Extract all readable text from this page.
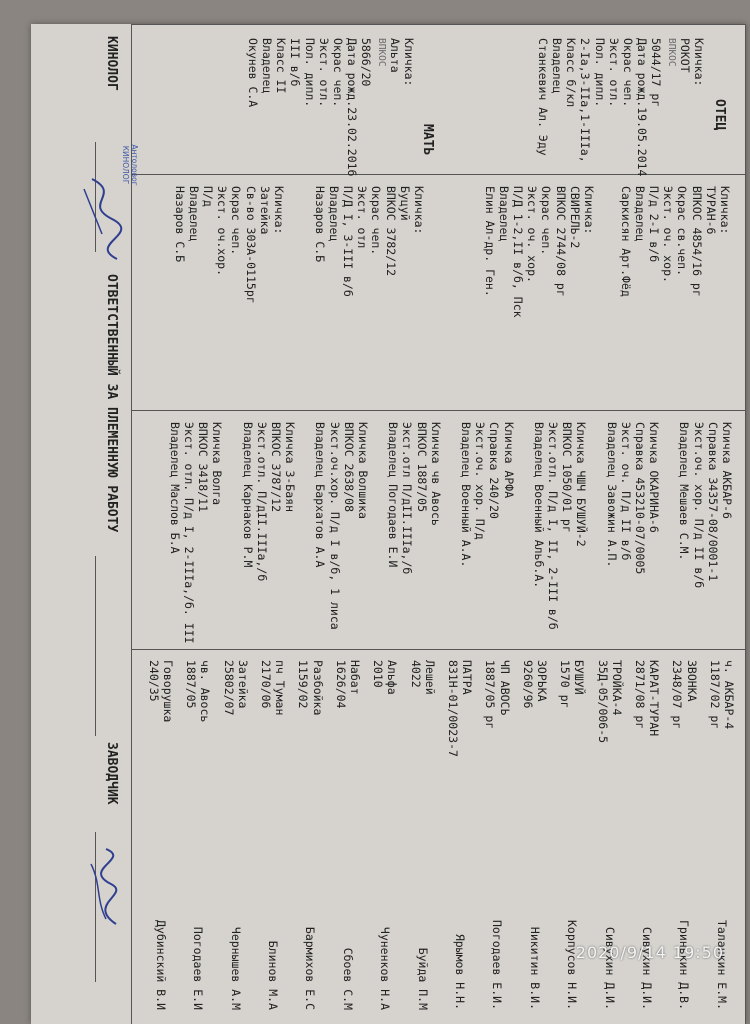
ОТЕЦ
Кличка:
РОКОТ
ВПКОС
5044/17 рг
Дата рожд.19.05.2014
Окрас чеп.
Экст. отл.
Пол. дипл.
2-Iа,3-IIа,1-IIIа,
Класс б/кл
Владелец
Станкевич Ал. Эду
МАТЬ
Кличка:
Альта
ВПКОС
5866/20
Дата рожд.23.02.2016
Окрас чеп.
Экст. отл.
Пол. дипл.
III в/б
Класс II
Владелец
Окунев С.А
Кличка:
ТУРАН-6
ВПКОС 4854/16 рг
Окрас св.чеп.
Экст. оч. хор.
П/д 2-I в/б
Владелец
Саркисян Арт.Фёд
Кличка:
СВИРЕЛЬ-2
ВПКОС 2744/08 рг
Окрас чеп.
Экст. оч. хор.
П/Д 1-2,II в/б, Пск
Владелец
Елин Ал-др. Ген.
Кличка:
Буцуй
ВПКОС 3782/12
Окрас чеп.
Экст. отл
П/Д I, 3-III в/б
Владелец
Назаров С.Б
Кличка:
Затейка
Св-во 303А-0115рг
Окрас чеп.
Экст. оч.хор.
П/д
Владелец
Назаров С.Б
Кличка АКБАР-6
Справка 34357-08/0001-1
Экст.оч. хор. П/д II в/б
Владелец Мешаев С.М.
Кличка ОКАРИНА-6
Справка 453210-07/0005
Экст. оч. П/д II в/б
Владелец Завожин А.П.
Кличка ЧШЧ БУШУЙ-2
ВПКОС 1050/01 рг
Экст.отл. П/д I, II, 2-III в/б
Владелец Военный Альб.А.
Кличка АРФА
Справка 240/20
Экст.оч. хор. П/д
Владелец Военный А.А.
Кличка чв Авось
ВПКОС 1887/05
Экст.отл П/дII.IIIа,/б
Владелец Погодаев Е.И
Кличка Волшика
ВПКОС 2638/08
Экст.оч.хор. П/д I в/б, 1 лиса
Владелец Бархатов А.А
Кличка З-Баян
ВПКОС 3787/12
Экст.отл. П/дII.IIIа,/б
Владелец Карнаков Р.М
Кличка Волга
ВПКОС 3418/11
Экст. отл. П/д I, 2-IIIа,/б. III
Владелец Маслов Б.А
ч. АКБАР-4
1187/02 рг
Таланкин Е.М.
ЗВОНКА
2348/07 рг
Гринькин Д.В.
КАРАТ-ТУРАН
2871/08 рг
Сивухин Д.И.
ТРОЙКА-4
35Д-05/006-5
Сивухин Д.И.
БУШУЙ
1570 рг
Корпусов Н.И.
ЗОРЬКА
9260/96
Никитин В.И.
ЧП АВОСЬ
1887/05 рг
Погодаев Е.И.
ПАТРА
831Н-01/0023-7
Ярымов Н.Н.
Лешей
4022
Буйда П.М
Альфа
2010
Чуненков Н.А
Набат
1626/04
Сбоев С.М
Разбойка
1159/02
Бармихов Е.С
пч Туман
2170/06
Блинов М.А
Затейка
25802/07
Чернышев А.М
чв. Авось
1887/05
Погодаев Е.И
Говорушка
240/35
Дубинский В.И
КИНОЛОГ
ОТВЕТСТВЕННЫЙ ЗА ПЛЕМЕННУЮ РАБОТУ
ЗАВОДЧИК
Антоловог
КИНОЛОГ
2020/9/14 19:50
